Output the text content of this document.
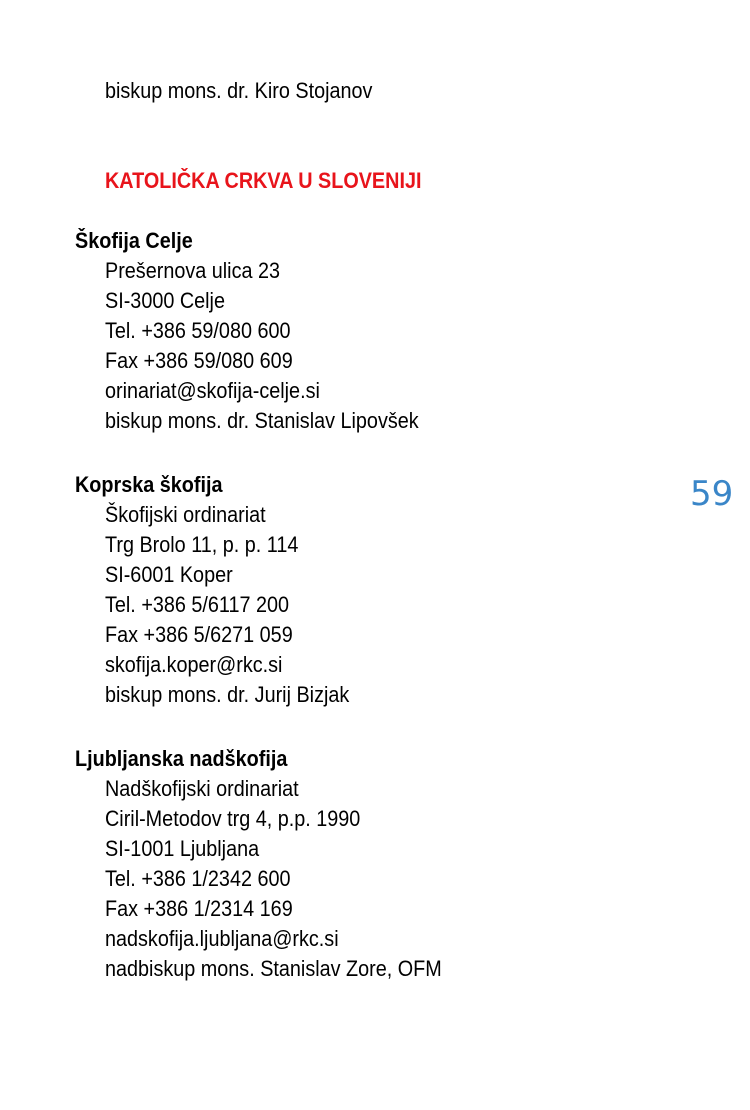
biskup mons. dr. Kiro Stojanov
KATOLIČKA CRKVA U SLOVENIJI
Škofija Celje
Prešernova ulica 23
SI-3000 Celje
Tel. +386 59/080 600
Fax +386 59/080 609
orinariat@skofija-celje.si
biskup mons. dr. Stanislav Lipovšek
Koprska škofija
Škofijski ordinariat
Trg Brolo 11, p. p. 114
SI-6001 Koper
Tel. +386 5/6117 200
Fax +386 5/6271 059
skofija.koper@rkc.si
biskup mons. dr. Jurij Bizjak
Ljubljanska nadškofija
Nadškofijski ordinariat
Ciril-Metodov trg 4, p.p. 1990
SI-1001 Ljubljana
Tel. +386 1/2342 600
Fax +386 1/2314 169
nadskofija.ljubljana@rkc.si
nadbiskup mons. Stanislav Zore, OFM
59
